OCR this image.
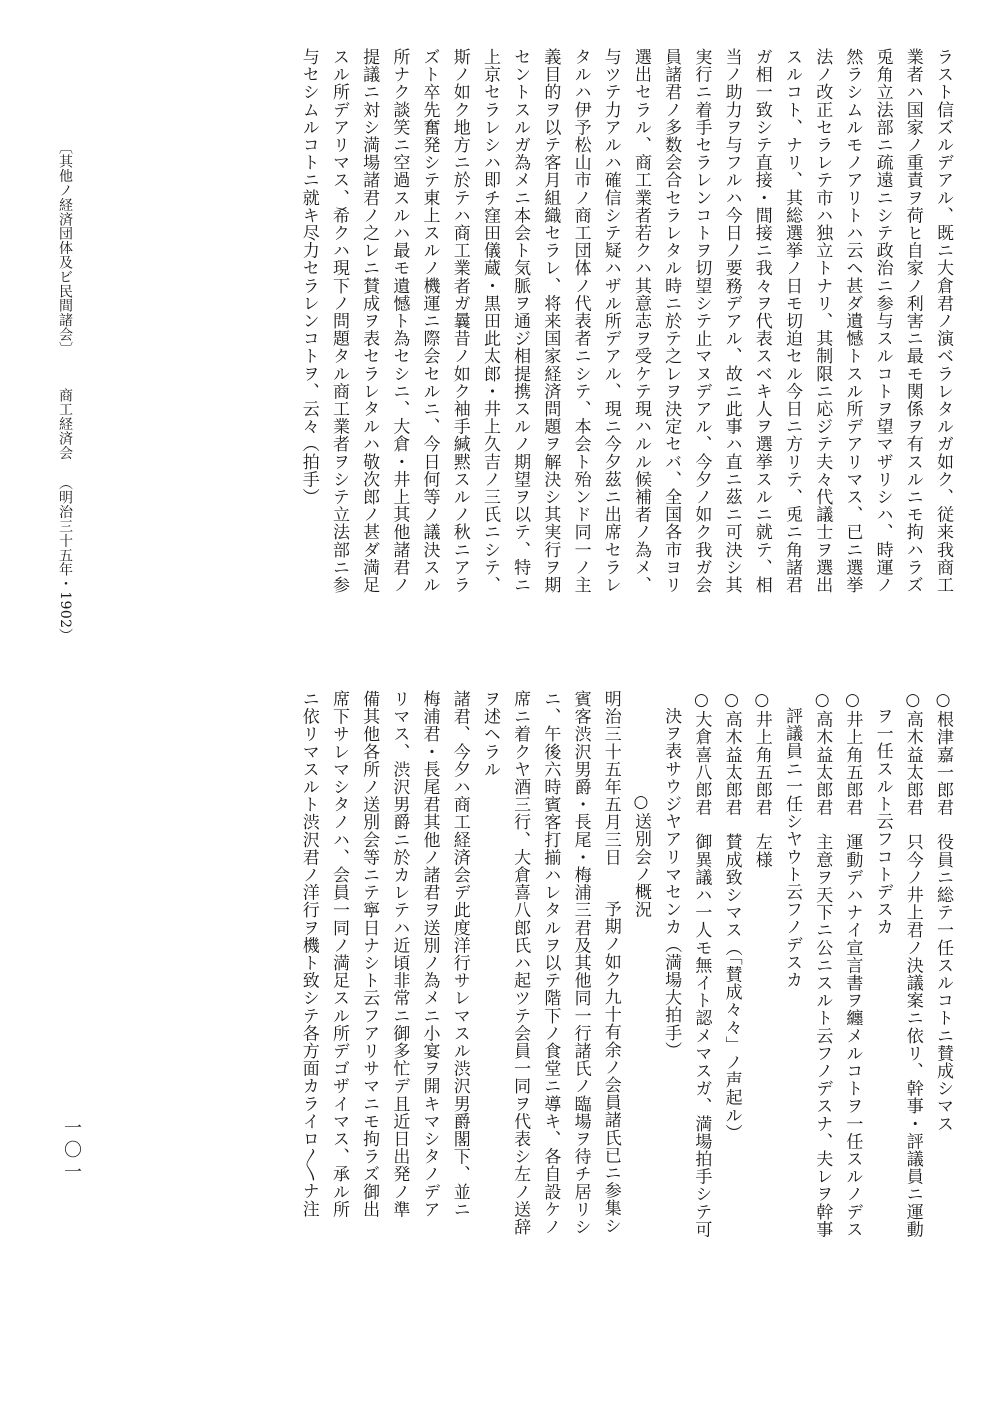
ラスト信ズルデアル、既ニ大倉君ノ演ベラレタルガ如ク、従来我商工
業者ハ国家ノ重責ヲ荷ヒ自家ノ利害ニ最モ関係ヲ有スルニモ拘ハラズ
兎角立法部ニ疏遠ニシテ政治ニ参与スルコトヲ望マザリシハ、時運ノ
然ラシムルモノアリトハ云ヘ甚ダ遺憾トスル所デアリマス、已ニ選挙
法ノ改正セラレテ市ハ独立トナリ、其制限ニ応ジテ夫々代議士ヲ選出
スルコト、ナリ、其総選挙ノ日モ切迫セル今日ニ方リテ、兎ニ角諸君
ガ相一致シテ直接・間接ニ我々ヲ代表スベキ人ヲ選挙スルニ就テ、相
当ノ助力ヲ与フルハ今日ノ要務デアル、故ニ此事ハ直ニ茲ニ可決シ其
実行ニ着手セラレンコトヲ切望シテ止マヌデアル、今夕ノ如ク我ガ会
員諸君ノ多数会合セラレタル時ニ於テ之レヲ決定セバ、全国各市ヨリ
選出セラル、商工業者若クハ其意志ヲ受ケテ現ハルル候補者ノ為メ、
与ツテ力アルハ確信シテ疑ハザル所デアル、現ニ今夕茲ニ出席セラレ
タルハ伊予松山市ノ商工団体ノ代表者ニシテ、本会ト殆ンド同一ノ主
義目的ヲ以テ客月組織セラレ、将来国家経済問題ヲ解決シ其実行ヲ期
セントスルガ為メニ本会ト気脈ヲ通ジ相提携スルノ期望ヲ以テ、特ニ
上京セラレシハ即チ窪田儀蔵・黒田此太郎・井上久吉ノ三氏ニシテ、
斯ノ如ク地方ニ於テハ商工業者ガ曩昔ノ如ク袖手緘黙スルノ秋ニアラ
ズト卒先奮発シテ東上スルノ機運ニ際会セルニ、今日何等ノ議決スル
所ナク談笑ニ空過スルハ最モ遺憾ト為セシニ、大倉・井上其他諸君ノ
提議ニ対シ満場諸君ノ之レニ賛成ヲ表セラレタルハ敬次郎ノ甚ダ満足
スル所デアリマス、希クハ現下ノ問題タル商工業者ヲシテ立法部ニ参
与セシムルコトニ就キ尽力セラレンコトヲ、云々（拍手）
○根津嘉一郎君役員ニ総テ一任スルコトニ賛成シマス
○高木益太郎君只今ノ井上君ノ決議案ニ依リ、幹事・評議員ニ運動
ヲ一任スルト云フコトデスカ
○井上角五郎君運動デハナイ宣言書ヲ纏メルコトヲ一任スルノデス
○高木益太郎君主意ヲ天下ニ公ニスルト云フノデスナ、夫レヲ幹事
評議員ニ一任シヤウト云フノデスカ
○井上角五郎君左様
○高木益太郎君賛成致シマス（「賛成々々」ノ声起ル）
○大倉喜八郎君御異議ハ一人モ無イト認メマスガ、満場拍手シテ可
決ヲ表サウジヤアリマセンカ（満場大拍手）
○送別会ノ概況
明治三十五年五月三日予期ノ如ク九十有余ノ会員諸氏已ニ参集シ
賓客渋沢男爵・長尾・梅浦三君及其他同一行諸氏ノ臨場ヲ待チ居リシ
ニ、午後六時賓客打揃ハレタルヲ以テ階下ノ食堂ニ導キ、各自設ケノ
席ニ着クヤ酒三行、大倉喜八郎氏ハ起ツテ会員一同ヲ代表シ左ノ送辞
ヲ述ヘラル
諸君、今夕ハ商工経済会デ此度洋行サレマスル渋沢男爵閣下、並ニ
梅浦君・長尾君其他ノ諸君ヲ送別ノ為メニ小宴ヲ開キマシタノデア
リマス、渋沢男爵ニ於カレテハ近頃非常ニ御多忙デ且近日出発ノ準
備其他各所ノ送別会等ニテ寧日ナシト云フアリサマニモ拘ラズ御出
席下サレマシタノハ、会員一同ノ満足スル所デゴザイマス、承ル所
ニ依リマスルト渋沢君ノ洋行ヲ機ト致シテ各方面カライロ〳〵ナ注
〔其他ノ経済団体及ビ民間諸会〕商工経済会（明治三十五年・1902）
一〇一
